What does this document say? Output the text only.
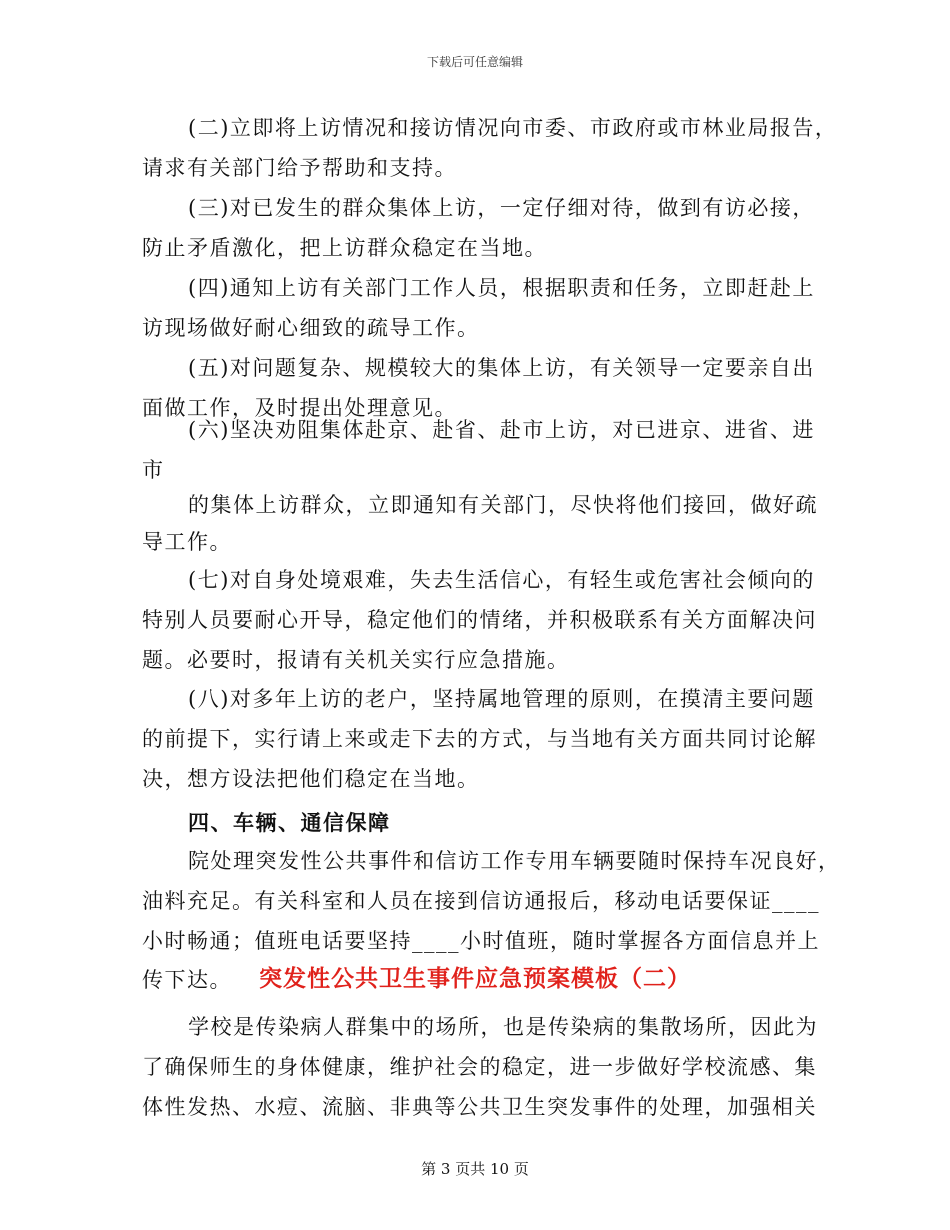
下载后可任意编辑
(二)立即将上访情况和接访情况向市委、市政府或市林业局报告，
请求有关部门给予帮助和支持。
(三)对已发生的群众集体上访，一定仔细对待，做到有访必接，
防止矛盾激化，把上访群众稳定在当地。
(四)通知上访有关部门工作人员，根据职责和任务，立即赶赴上
访现场做好耐心细致的疏导工作。
(五)对问题复杂、规模较大的集体上访，有关领导一定要亲自出
面做工作，及时提出处理意见。
(六)坚决劝阻集体赴京、赴省、赴市上访，对已进京、进省、进
市
的集体上访群众，立即通知有关部门，尽快将他们接回，做好疏
导工作。
(七)对自身处境艰难，失去生活信心，有轻生或危害社会倾向的
特别人员要耐心开导，稳定他们的情绪，并积极联系有关方面解决问
题。必要时，报请有关机关实行应急措施。
(八)对多年上访的老户，坚持属地管理的原则，在摸清主要问题
的前提下，实行请上来或走下去的方式，与当地有关方面共同讨论解
决，想方设法把他们稳定在当地。
四、车辆、通信保障
院处理突发性公共事件和信访工作专用车辆要随时保持车况良好，
油料充足。有关科室和人员在接到信访通报后，移动电话要保证____
小时畅通；值班电话要坚持____小时值班，随时掌握各方面信息并上
传下达。	突发性公共卫生事件应急预案模板（二）
学校是传染病人群集中的场所，也是传染病的集散场所，因此为
了确保师生的身体健康，维护社会的稳定，进一步做好学校流感、集
体性发热、水痘、流脑、非典等公共卫生突发事件的处理，加强相关
第 3 页共 10 页
